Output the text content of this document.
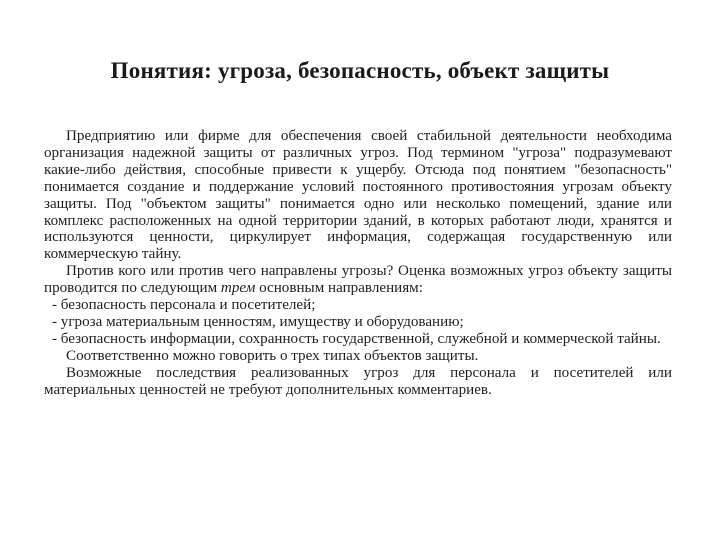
Понятия: угроза, безопасность, объект защиты

Предприятию или фирме для обеспечения своей стабильной деятельности необходима организация надежной защиты от различных угроз. Под термином "угроза" подразумевают какие-либо действия, способные привести к ущербу. Отсюда под понятием "безопасность" понимается создание и поддержание условий постоянного противостояния угрозам объекту защиты. Под "объектом защиты" понимается одно или несколько помещений, здание или комплекс расположенных на одной территории зданий, в которых работают люди, хранятся и используются ценности, циркулирует информация, содержащая государственную или коммерческую тайну.

Против кого или против чего направлены угрозы? Оценка возможных угроз объекту защиты проводится по следующим трем основным направлениям:

- безопасность персонала и посетителей;

- угроза материальным ценностям, имуществу и оборудованию;

- безопасность информации, сохранность государственной, служебной и коммерческой тайны.

Соответственно можно говорить о трех типах объектов защиты.

Возможные последствия реализованных угроз для персонала и посетителей или материальных ценностей не требуют дополнительных комментариев.
